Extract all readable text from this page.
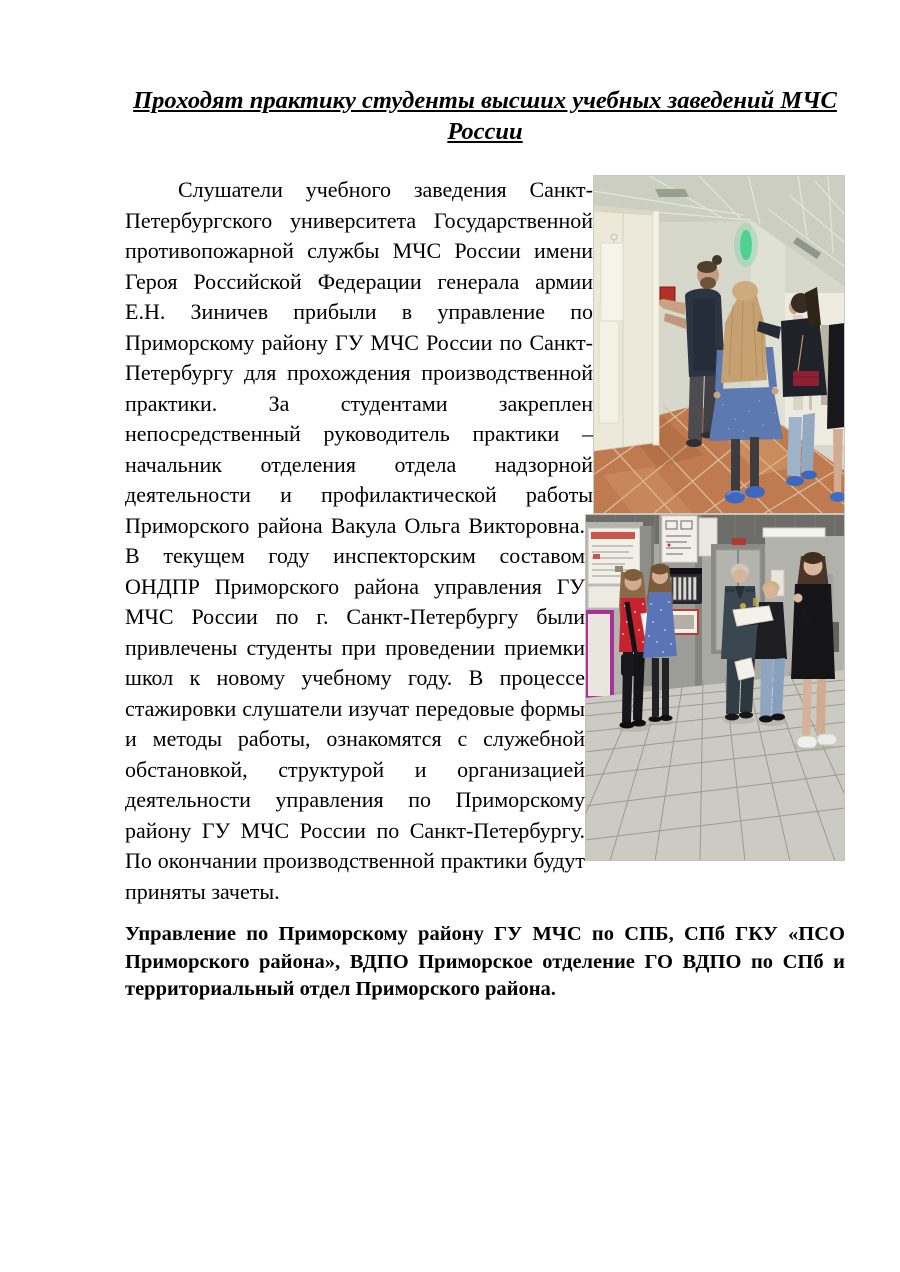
Проходят практику студенты высших учебных заведений МЧС России

Слушатели учебного заведения Санкт-Петербургского университета Государственной противопожарной службы МЧС России имени Героя Российской Федерации генерала армии Е.Н. Зиничев прибыли в управление по Приморскому району ГУ МЧС России по Санкт-Петербургу для прохождения производственной практики. За студентами закреплен непосредственный руководитель практики – начальник отделения отдела надзорной деятельности и профилактической работы Приморского района Вакула Ольга Викторовна. В текущем году инспекторским составом ОНДПР Приморского района управления ГУ МЧС России по г. Санкт-Петербургу были привлечены студенты при проведении приемки школ к новому учебному году. В процессе стажировки слушатели изучат передовые формы и методы работы, ознакомятся с служебной обстановкой, структурой и организацией деятельности управления по Приморскому району ГУ МЧС России по Санкт-Петербургу. По окончании производственной практики будут приняты зачеты.

Управление по Приморскому району ГУ МЧС по СПБ, СПб ГКУ «ПСО Приморского района», ВДПО Приморское отделение ГО ВДПО по СПб и территориальный отдел Приморского района.
